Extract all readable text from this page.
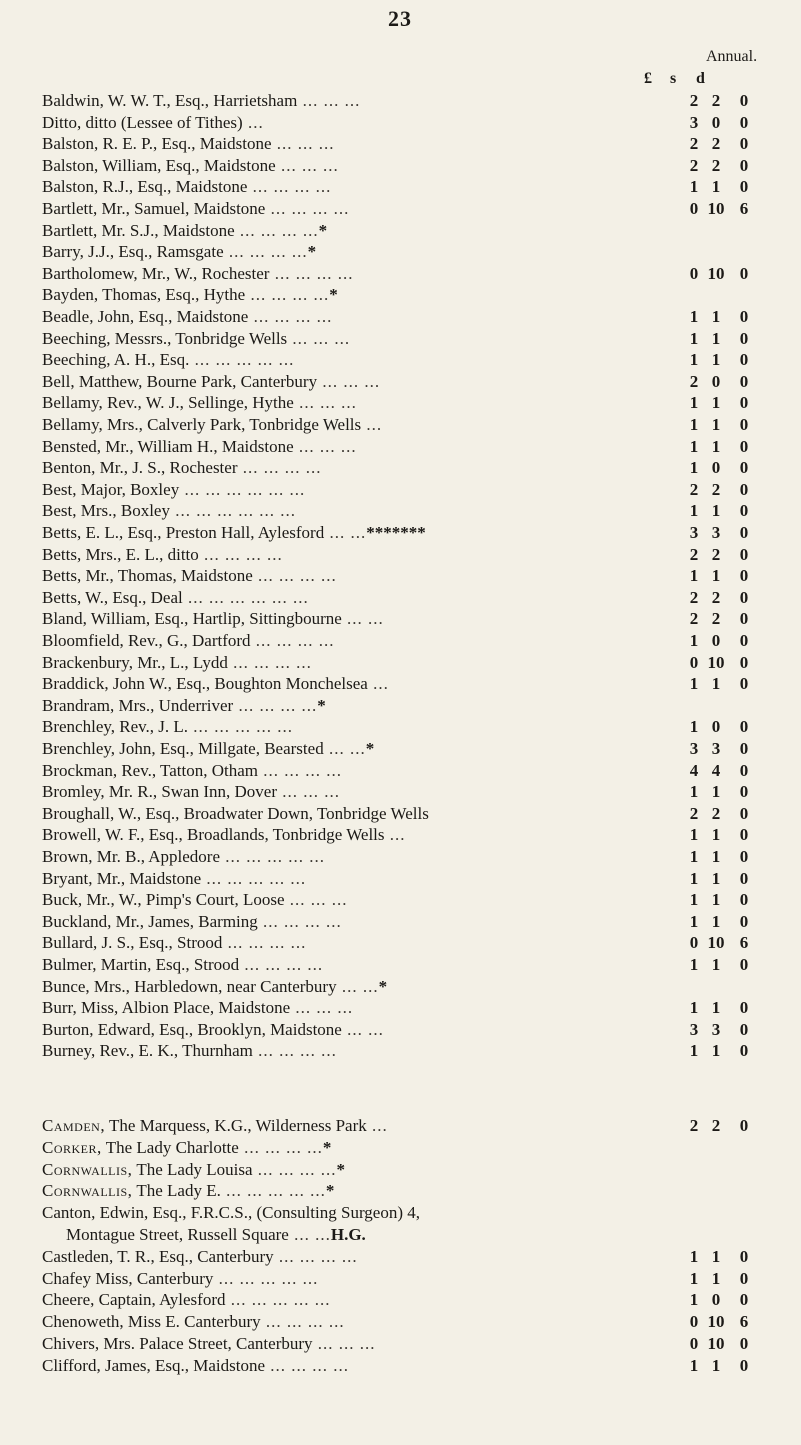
23
Annual.
£ s d
Baldwin, W. W. T., Esq., Harrietsham ... ... ...	2 2	0
Ditto, ditto (Lessee of Tithes) ...	3 0	0
Balston, R. E. P., Esq., Maidstone ... ... ...	2 2	0
Balston, William, Esq., Maidstone ... ... ...	2 2	0
Balston, R.J., Esq., Maidstone ... ... ... ...	1 1	0
Bartlett, Mr., Samuel, Maidstone ... ... ... ...	0 10 6
Bartlett, Mr. S.J., Maidstone ... ... ... ...*
Barry, J.J., Esq., Ramsgate ... ... ... ...*
Bartholomew, Mr., W., Rochester ... ... ... ...	0 10 0
Bayden, Thomas, Esq., Hythe ... ... ... ...*
Beadle, John, Esq., Maidstone ... ... ... ...	1 1	0
Beeching, Messrs., Tonbridge Wells ... ... ...	1 1	0
Beeching, A. H., Esq. ... ... ... ... ...	1 1	0
Bell, Matthew, Bourne Park, Canterbury ... ... ...	2 0	0
Bellamy, Rev., W. J., Sellinge, Hythe ... ... ...	1 1	0
Bellamy, Mrs., Calverly Park, Tonbridge Wells ...	1 1	0
Bensted, Mr., William H., Maidstone ... ... ...	1 1	0
Benton, Mr., J. S., Rochester ... ... ... ...	1 0	0
Best, Major, Boxley ... ... ... ... ... ...	2 2	0
Best, Mrs., Boxley ... ... ... ... ... ...	1 1	0
Betts, E. L., Esq., Preston Hall, Aylesford ... ...*******	3 3	0
Betts, Mrs., E. L., ditto ... ... ... ...	2 2	0
Betts, Mr., Thomas, Maidstone ... ... ... ...	1 1	0
Betts, W., Esq., Deal ... ... ... ... ... ...	2 2	0
Bland, William, Esq., Hartlip, Sittingbourne ... ...	2 2	0
Bloomfield, Rev., G., Dartford ... ... ... ...	1 0	0
Brackenbury, Mr., L., Lydd ... ... ... ...	0 10 0
Braddick, John W., Esq., Boughton Monchelsea ...	1 1	0
Brandram, Mrs., Underriver ... ... ... ...*
Brenchley, Rev., J. L. ... ... ... ... ...	1 0	0
Brenchley, John, Esq., Millgate, Bearsted ... ...*	3 3	0
Brockman, Rev., Tatton, Otham ... ... ... ...	4 4	0
Bromley, Mr. R., Swan Inn, Dover ... ... ...	1 1	0
Broughall, W., Esq., Broadwater Down, Tonbridge Wells	2 2	0
Browell, W. F., Esq., Broadlands, Tonbridge Wells ...	1 1	0
Brown, Mr. B., Appledore ... ... ... ... ...	1 1	0
Bryant, Mr., Maidstone ... ... ... ... ...	1 1	0
Buck, Mr., W., Pimp's Court, Loose ... ... ...	1 1	0
Buckland, Mr., James, Barming ... ... ... ...	1 1	0
Bullard, J. S., Esq., Strood ... ... ... ...	0 10 6
Bulmer, Martin, Esq., Strood ... ... ... ...	1 1	0
Bunce, Mrs., Harbledown, near Canterbury ... ...*
Burr, Miss, Albion Place, Maidstone ... ... ...	1 1	0
Burton, Edward, Esq., Brooklyn, Maidstone ... ...	3 3	0
Burney, Rev., E. K., Thurnham ... ... ... ...	1 1	0
Camden, The Marquess, K.G., Wilderness Park ...	2 2	0
Corker, The Lady Charlotte ... ... ... ...*
Cornwallis, The Lady Louisa ... ... ... ...*
Cornwallis, The Lady E. ... ... ... ... ...*
Canton, Edwin, Esq., F.R.C.S., (Consulting Surgeon) 4,
Montague Street, Russell Square ... ...H.G.
Castleden, T. R., Esq., Canterbury ... ... ... ...	1 1	0
Chafey Miss, Canterbury ... ... ... ... ...	1 1	0
Cheere, Captain, Aylesford ... ... ... ... ...	1 0	0
Chenoweth, Miss E. Canterbury ... ... ... ...	0 10 6
Chivers, Mrs. Palace Street, Canterbury ... ... ...	0 10 0
Clifford, James, Esq., Maidstone ... ... ... ...	1 1	0
